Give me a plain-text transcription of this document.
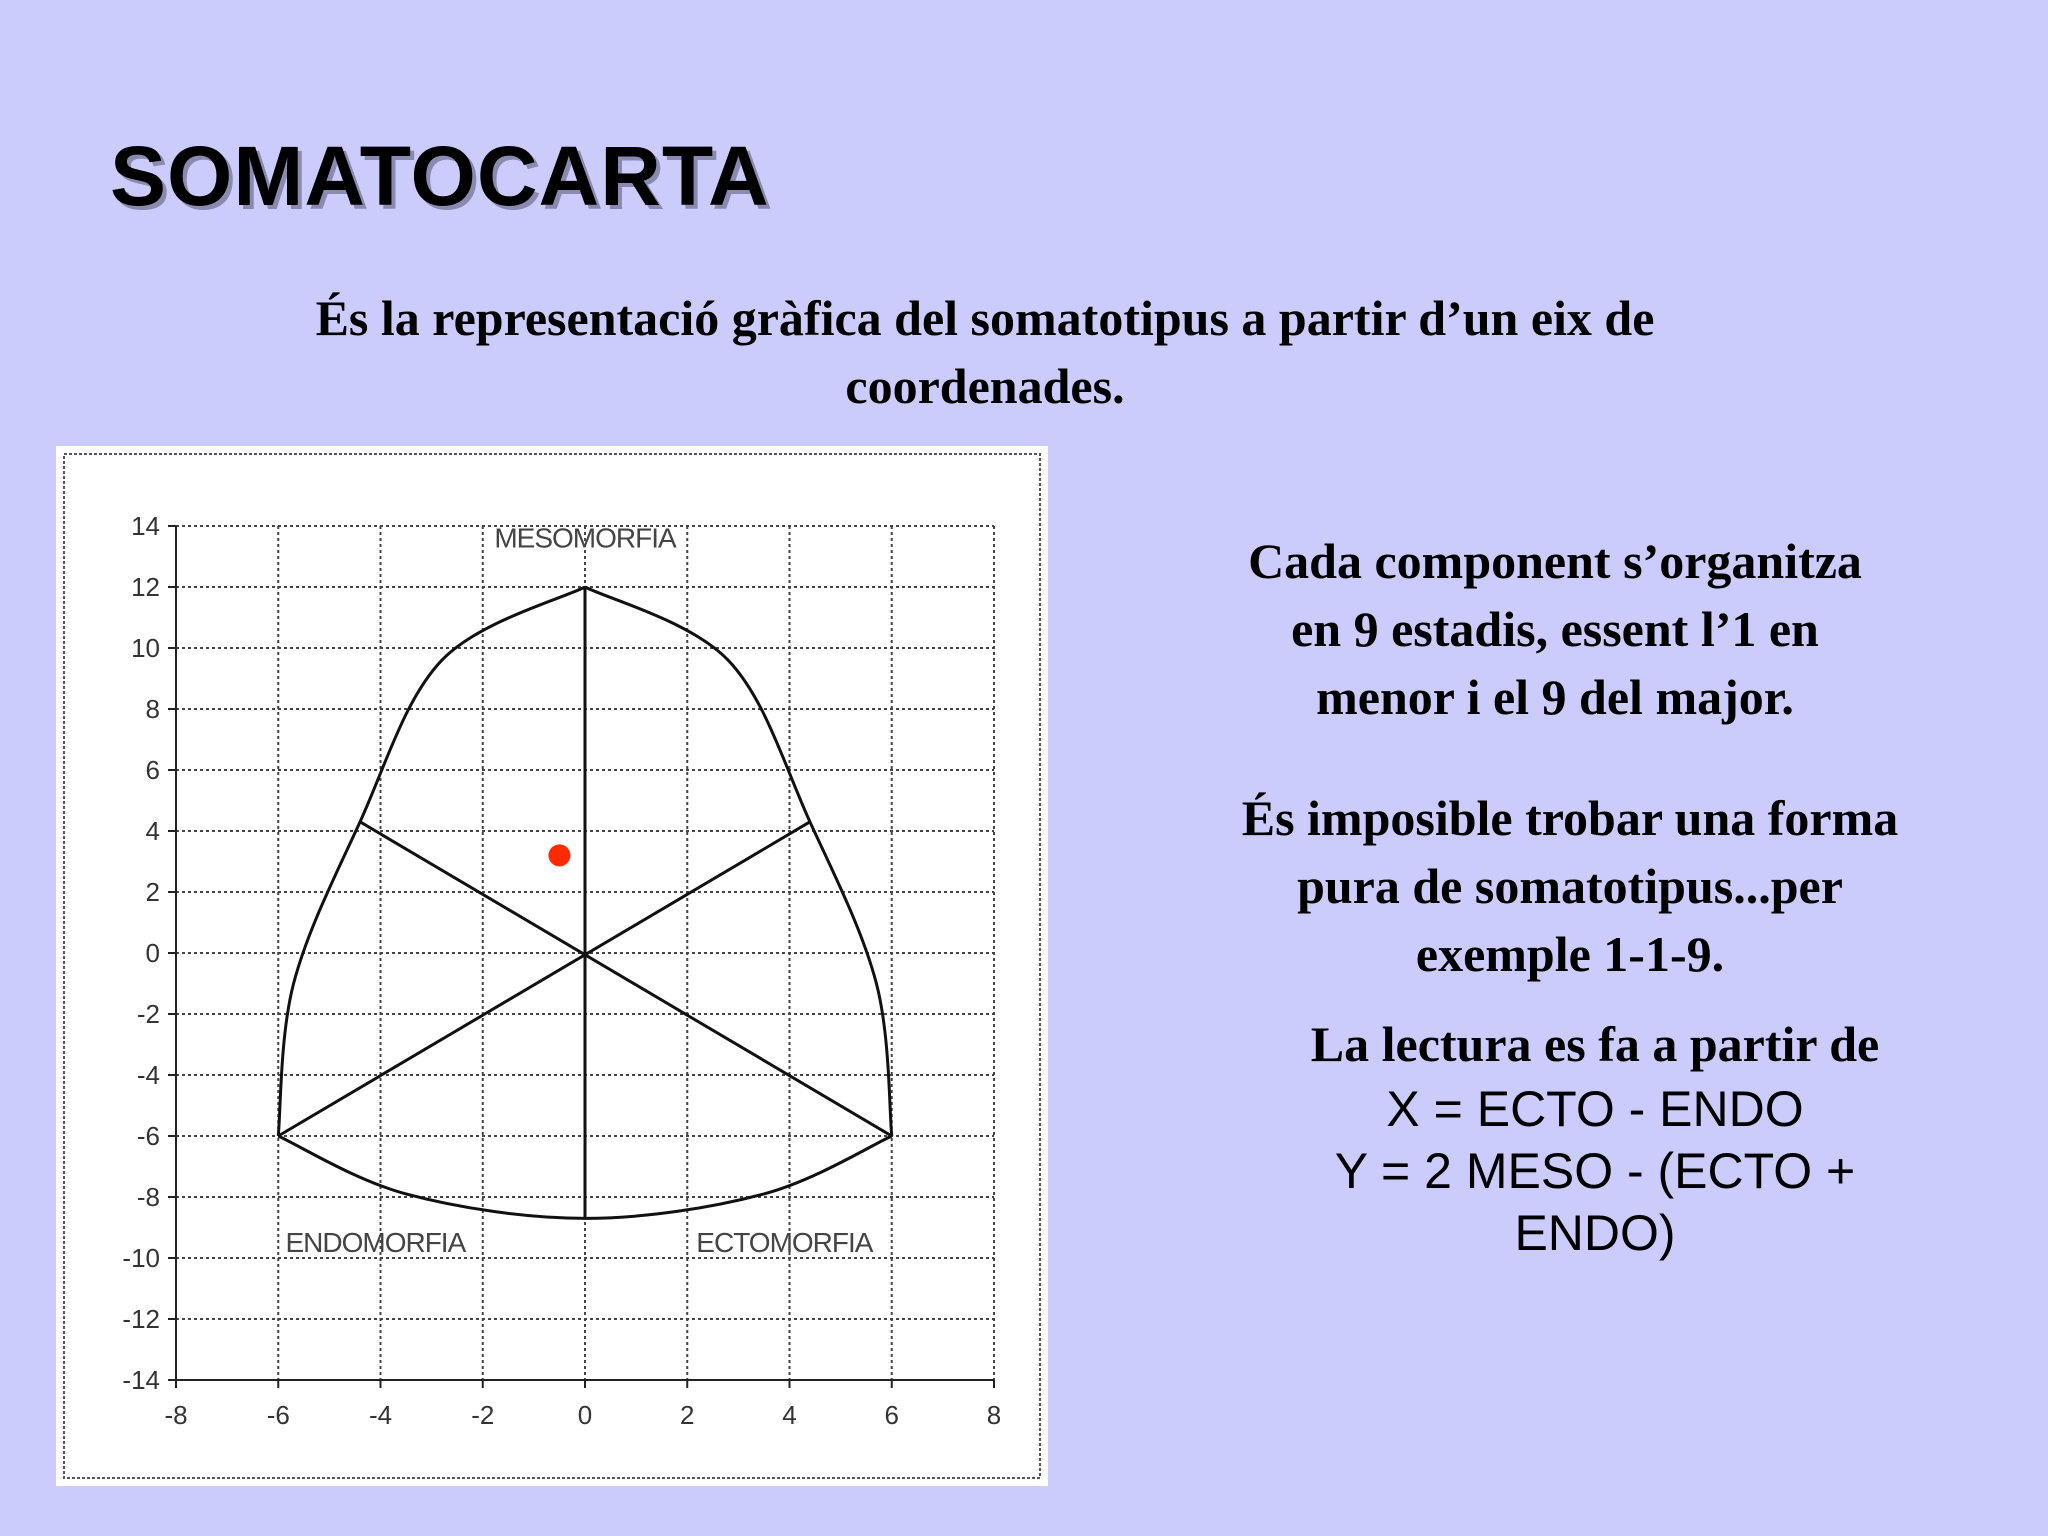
SOMATOCARTA
És la representació gràfica del somatotipus a partir d’un eix de
coordenades.
-8	-6	-4	-2	0	2	4	6	8
14
12
10
8
6
4
2
0
-2
-4
-6
-8
-10
-12
-14
MESOMORFIA
ENDOMORFIA	ECTOMORFIA
Cada component s’organitza
en 9 estadis, essent l’1 en
menor i el 9 del major.
És imposible trobar una forma
pura de somatotipus...per
exemple 1-1-9.
La lectura es fa a partir de
X = ECTO - ENDO
Y = 2 MESO - (ECTO +
ENDO)
